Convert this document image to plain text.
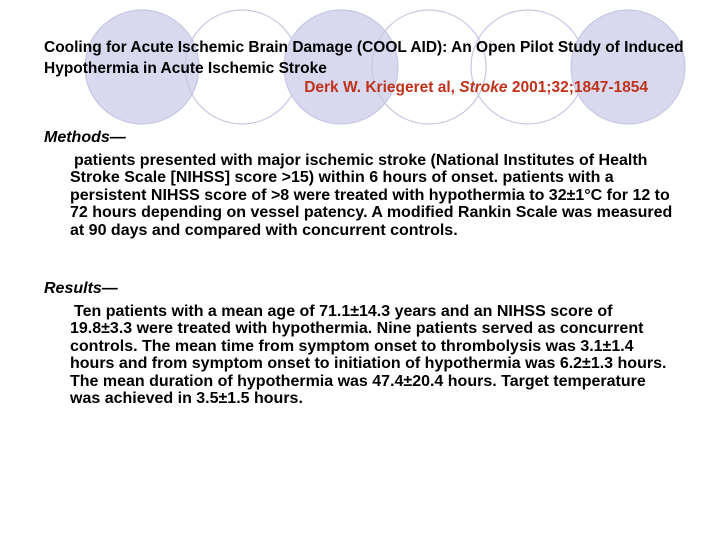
Cooling for Acute Ischemic Brain Damage (COOL AID): An Open Pilot Study of Induced Hypothermia in Acute Ischemic Stroke
Derk W. Kriegeret al, Stroke 2001;32;1847-1854
Methods—
patients presented with major ischemic stroke (National Institutes of Health Stroke Scale [NIHSS] score >15) within 6 hours of onset. patients with a persistent NIHSS score of >8 were treated with hypothermia to 32±1°C for 12 to 72 hours depending on vessel patency. A modified Rankin Scale was measured at 90 days and compared with concurrent controls.
Results—
Ten patients with a mean age of 71.1±14.3 years and an NIHSS score of 19.8±3.3 were treated with hypothermia. Nine patients served as concurrent controls. The mean time from symptom onset to thrombolysis was 3.1±1.4 hours and from symptom onset to initiation of hypothermia was 6.2±1.3 hours. The mean duration of hypothermia was 47.4±20.4 hours. Target temperature was achieved in 3.5±1.5 hours.
